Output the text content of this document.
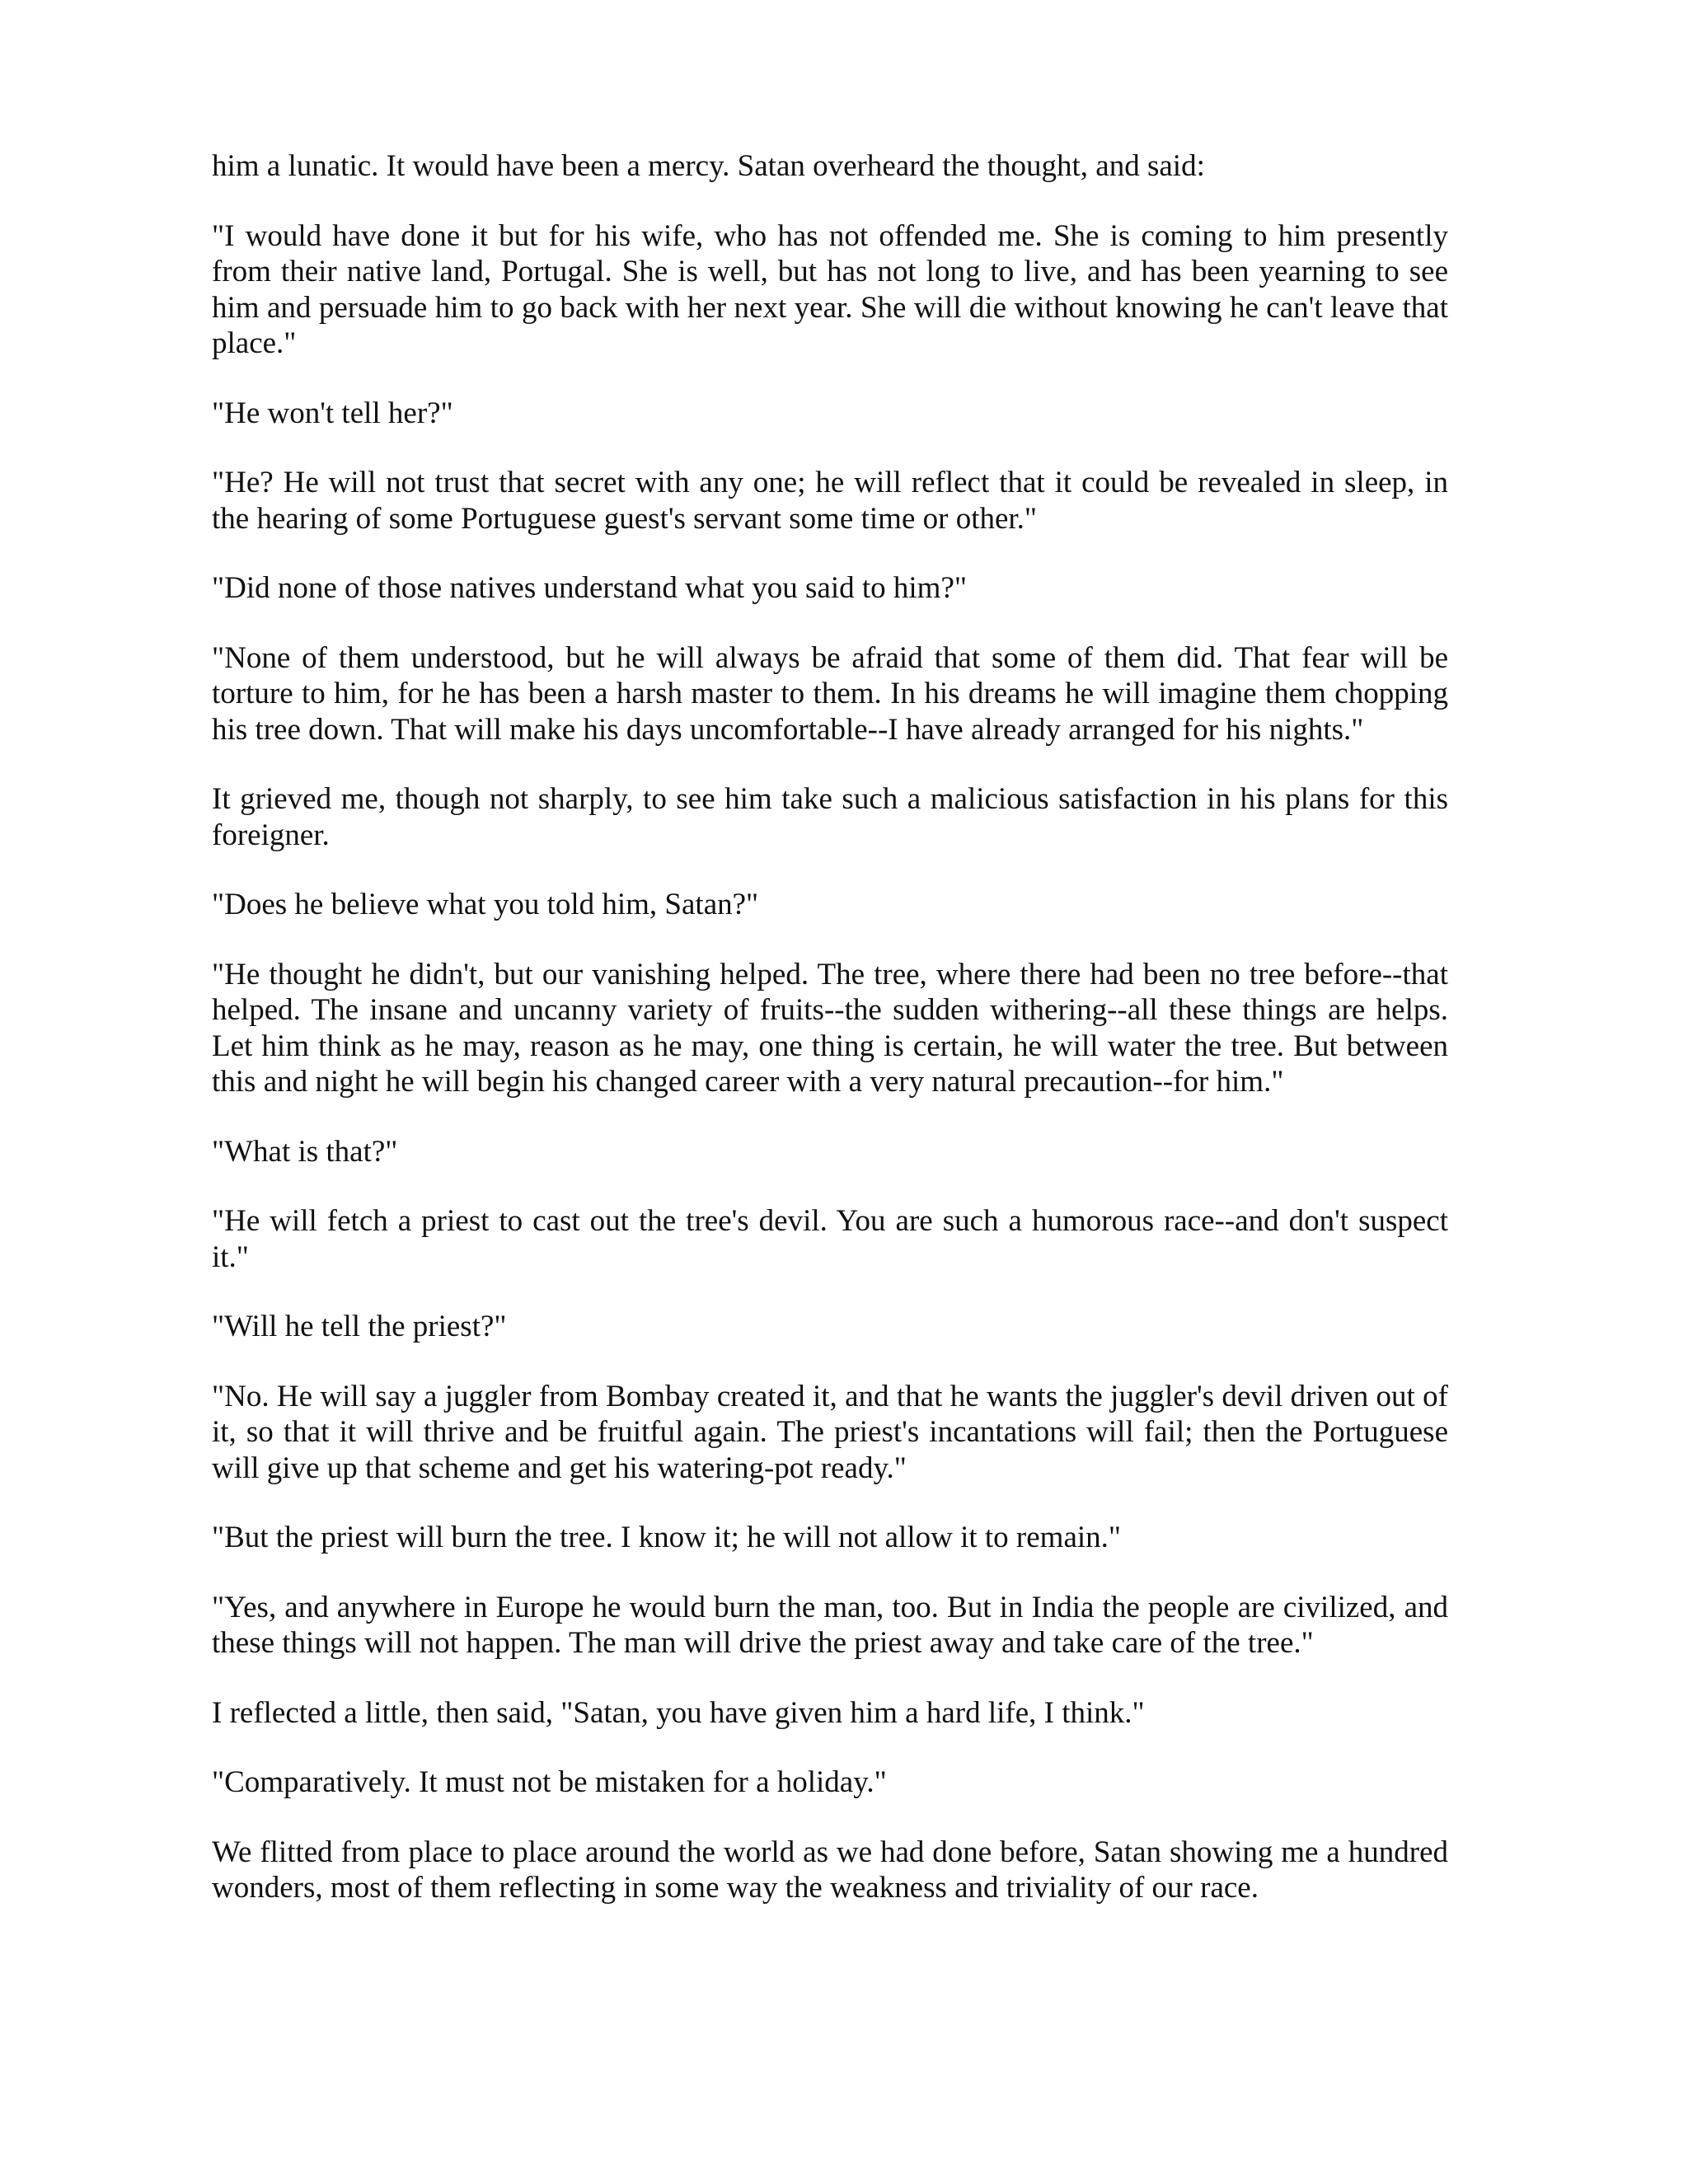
him a lunatic. It would have been a mercy. Satan overheard the thought, and said:

"I would have done it but for his wife, who has not offended me. She is coming to him presently from their native land, Portugal. She is well, but has not long to live, and has been yearning to see him and persuade him to go back with her next year. She will die without knowing he can't leave that place."

"He won't tell her?"

"He? He will not trust that secret with any one; he will reflect that it could be revealed in sleep, in the hearing of some Portuguese guest's servant some time or other."

"Did none of those natives understand what you said to him?"

"None of them understood, but he will always be afraid that some of them did. That fear will be torture to him, for he has been a harsh master to them. In his dreams he will imagine them chopping his tree down. That will make his days uncomfortable--I have already arranged for his nights."

It grieved me, though not sharply, to see him take such a malicious satisfaction in his plans for this foreigner.

"Does he believe what you told him, Satan?"

"He thought he didn't, but our vanishing helped. The tree, where there had been no tree before--that helped. The insane and uncanny variety of fruits--the sudden withering--all these things are helps. Let him think as he may, reason as he may, one thing is certain, he will water the tree. But between this and night he will begin his changed career with a very natural precaution--for him."

"What is that?"

"He will fetch a priest to cast out the tree's devil. You are such a humorous race--and don't suspect it."

"Will he tell the priest?"

"No. He will say a juggler from Bombay created it, and that he wants the juggler's devil driven out of it, so that it will thrive and be fruitful again. The priest's incantations will fail; then the Portuguese will give up that scheme and get his watering-pot ready."

"But the priest will burn the tree. I know it; he will not allow it to remain."

"Yes, and anywhere in Europe he would burn the man, too. But in India the people are civilized, and these things will not happen. The man will drive the priest away and take care of the tree."

I reflected a little, then said, "Satan, you have given him a hard life, I think."

"Comparatively. It must not be mistaken for a holiday."

We flitted from place to place around the world as we had done before, Satan showing me a hundred wonders, most of them reflecting in some way the weakness and triviality of our race.
